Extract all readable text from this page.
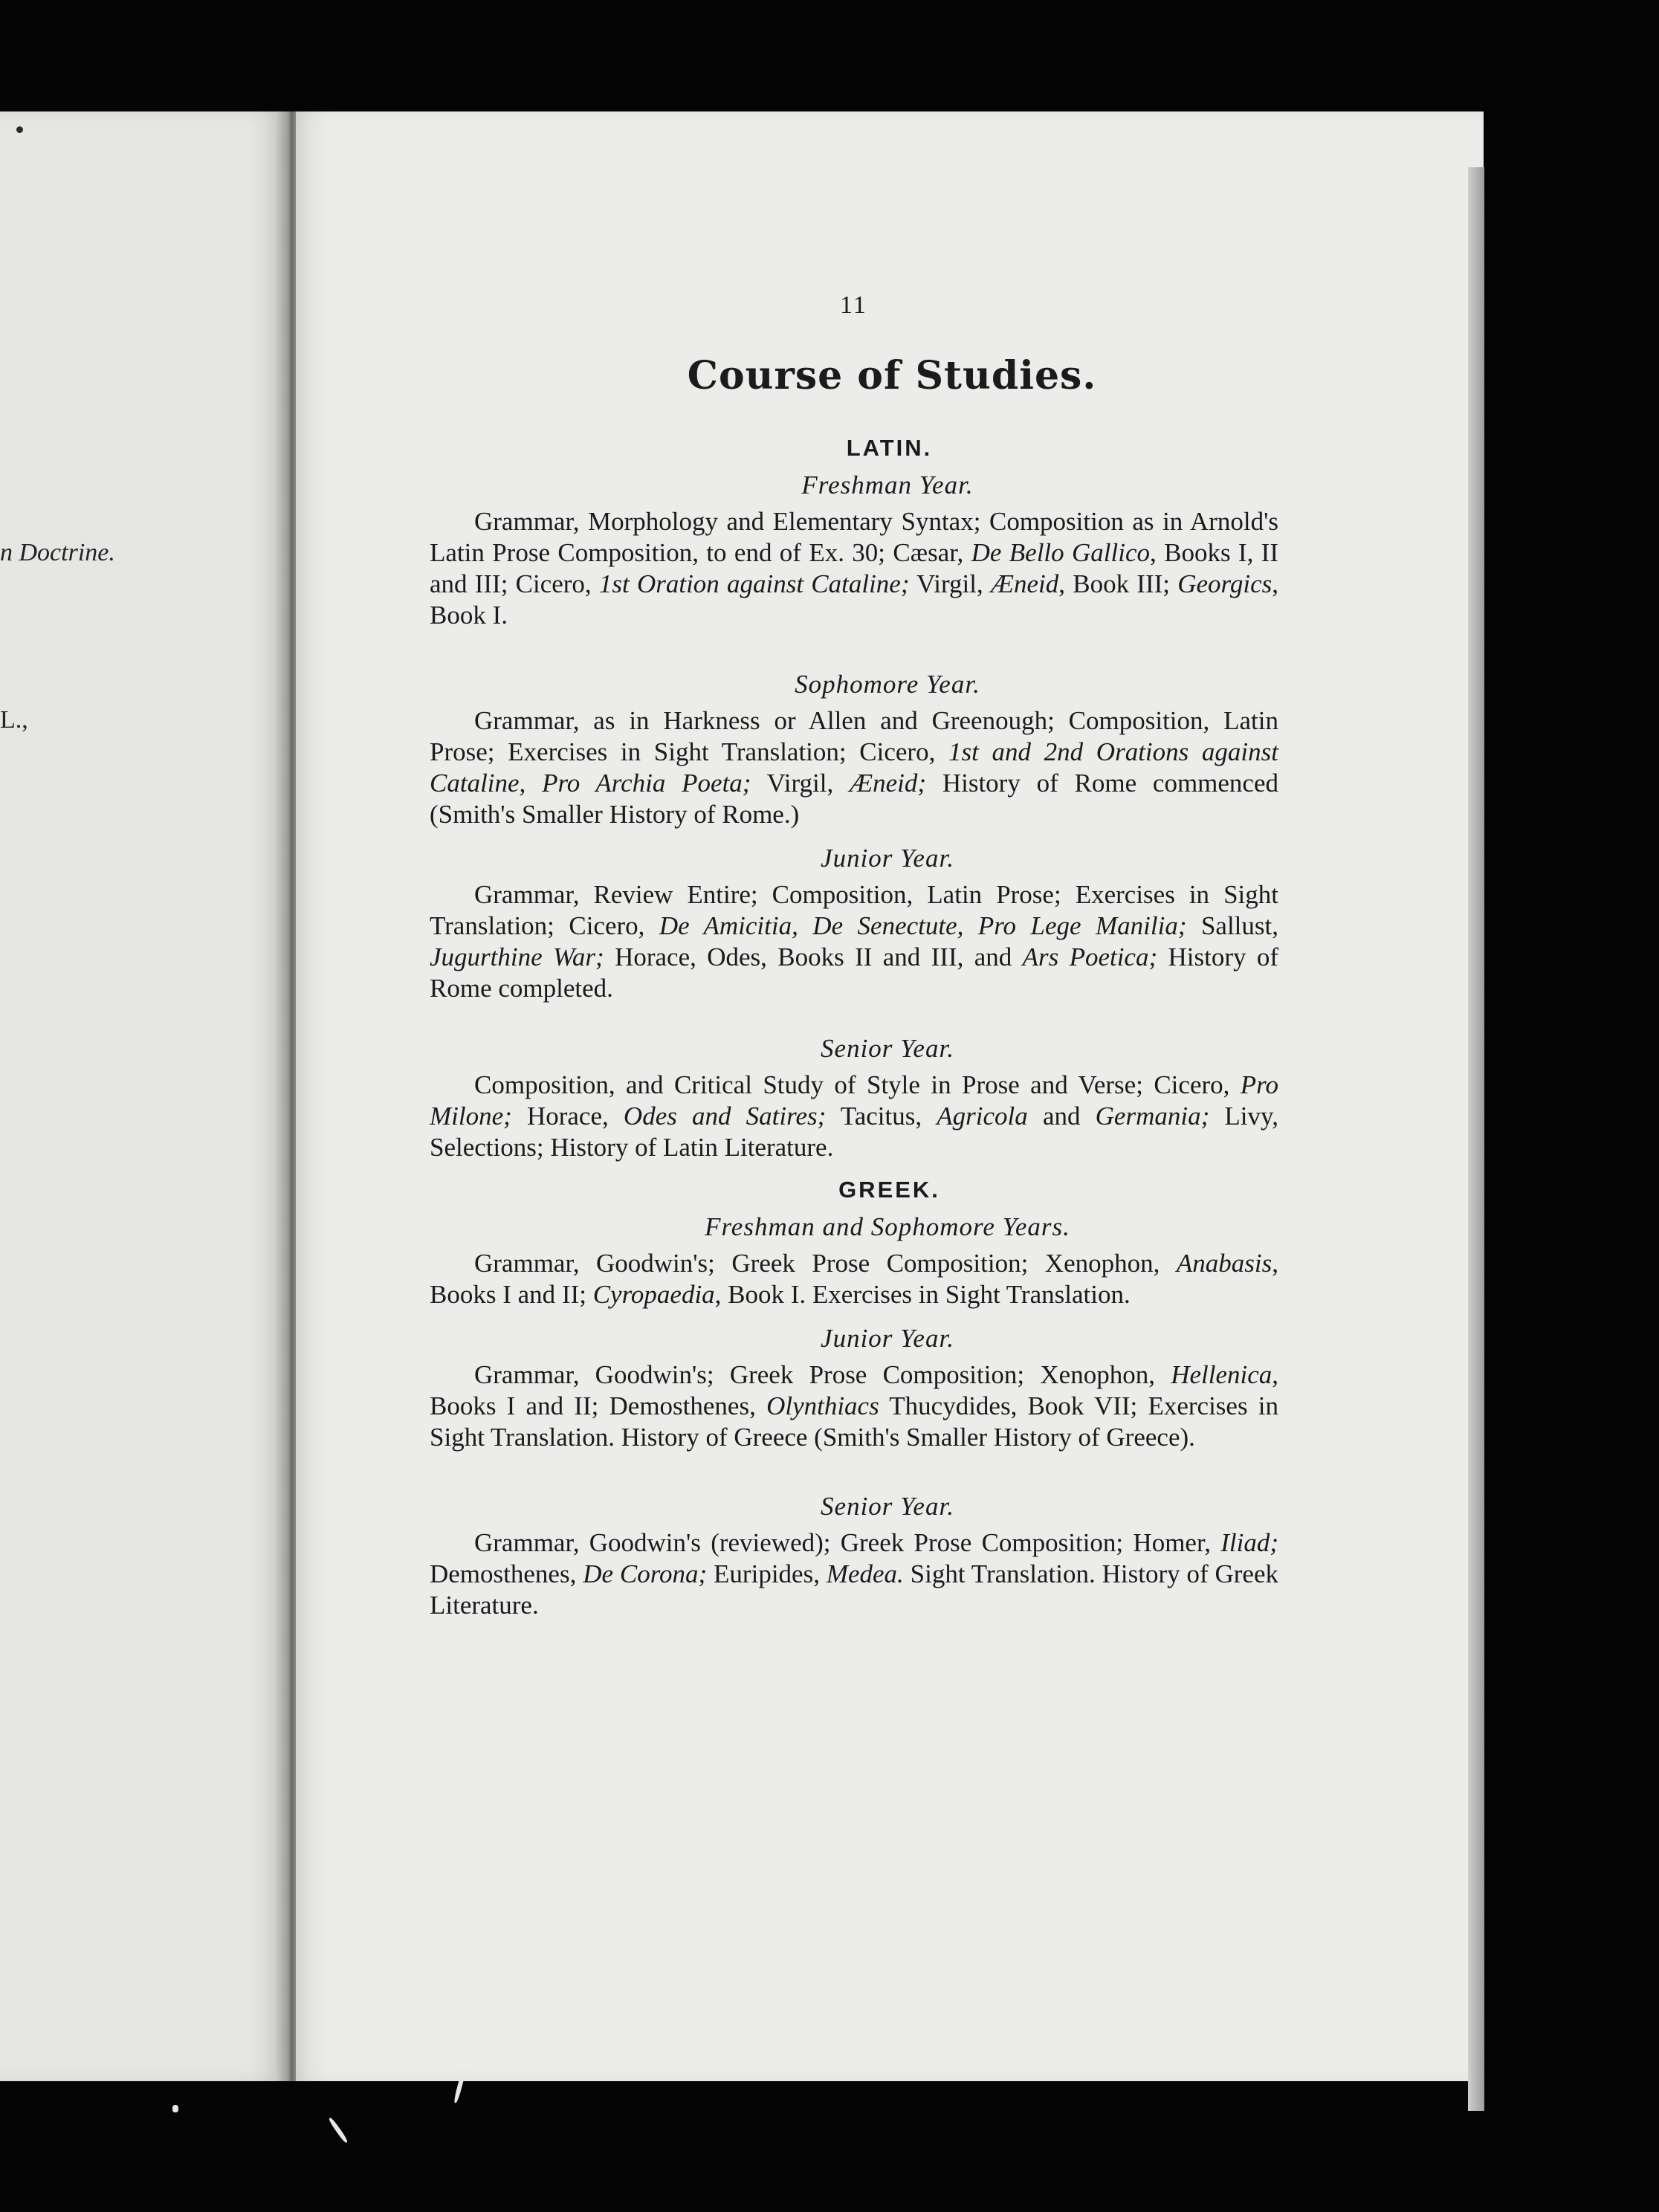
n Doctrine.
L.,
11
Course of Studies.
LATIN.
Freshman Year.

Grammar, Morphology and Elementary Syntax; Composition as in Arnold's Latin Prose Composition, to end of Ex. 30; Cæsar, De Bello Gallico, Books I, II and III; Cicero, 1st Oration against Cataline; Virgil, Æneid, Book III; Georgics, Book I.

Sophomore Year.

Grammar, as in Harkness or Allen and Greenough; Composition, Latin Prose; Exercises in Sight Translation; Cicero, 1st and 2nd Orations against Cataline, Pro Archia Poeta; Virgil, Æneid; History of Rome commenced (Smith's Smaller History of Rome.)

Junior Year.

Grammar, Review Entire; Composition, Latin Prose; Exercises in Sight Translation; Cicero, De Amicitia, De Senectute, Pro Lege Manilia; Sallust, Jugurthine War; Horace, Odes, Books II and III, and Ars Poetica; History of Rome completed.

Senior Year.

Composition, and Critical Study of Style in Prose and Verse; Cicero, Pro Milone; Horace, Odes and Satires; Tacitus, Agricola and Germania; Livy, Selections; History of Latin Literature.

GREEK.
Freshman and Sophomore Years.

Grammar, Goodwin's; Greek Prose Composition; Xenophon, Anabasis, Books I and II; Cyropaedia, Book I. Exercises in Sight Translation.

Junior Year.

Grammar, Goodwin's; Greek Prose Composition; Xenophon, Hellenica, Books I and II; Demosthenes, Olynthiacs Thucydides, Book VII; Exercises in Sight Translation. History of Greece (Smith's Smaller History of Greece).

Senior Year.

Grammar, Goodwin's (reviewed); Greek Prose Composition; Homer, Iliad; Demosthenes, De Corona; Euripides, Medea. Sight Translation. History of Greek Literature.
